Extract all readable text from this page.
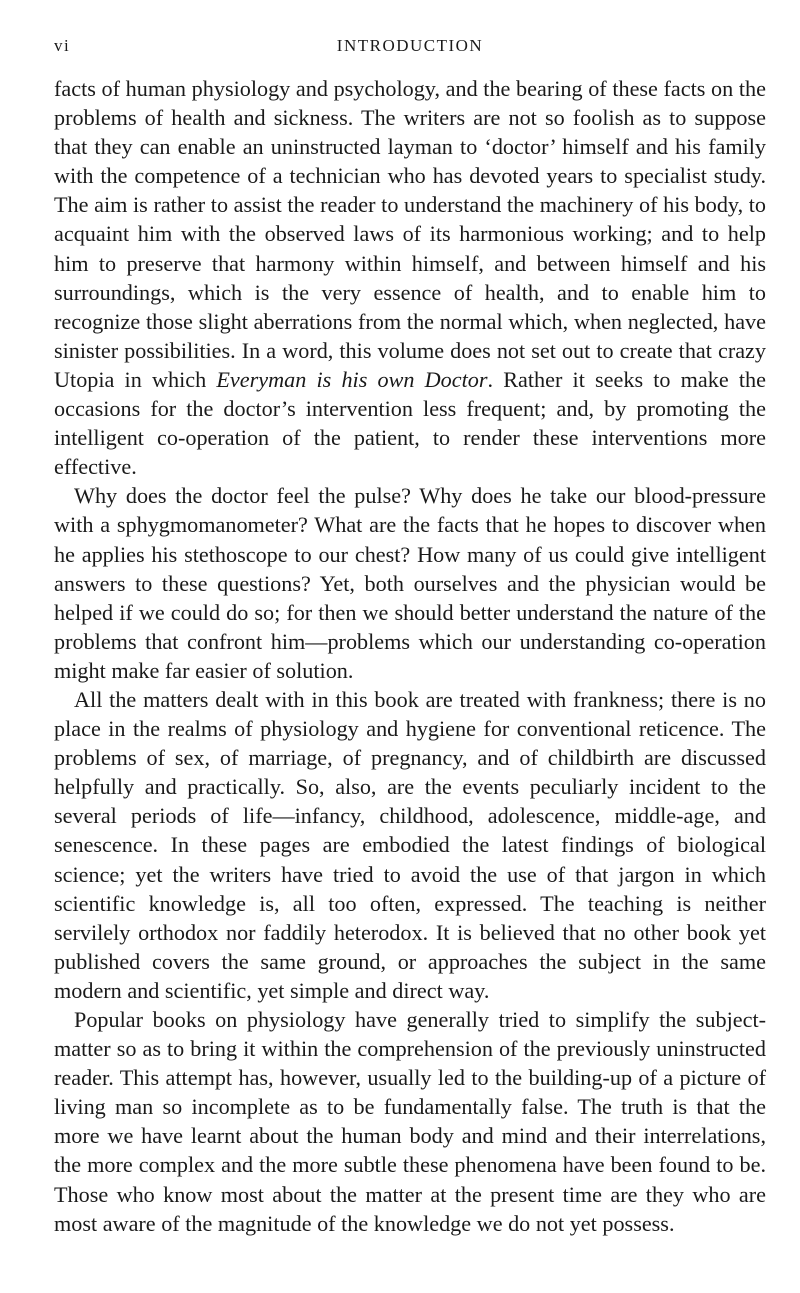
vi	INTRODUCTION

facts of human physiology and psychology, and the bearing of these facts on the problems of health and sickness. The writers are not so foolish as to suppose that they can enable an uninstructed layman to ‘doctor’ himself and his family with the competence of a technician who has devoted years to specialist study. The aim is rather to assist the reader to understand the machinery of his body, to acquaint him with the observed laws of its harmonious working; and to help him to preserve that harmony within himself, and between himself and his surroundings, which is the very essence of health, and to enable him to recognize those slight aberrations from the normal which, when neglected, have sinister possibilities. In a word, this volume does not set out to create that crazy Utopia in which Everyman is his own Doctor. Rather it seeks to make the occasions for the doctor’s intervention less frequent; and, by promoting the intelligent co-operation of the patient, to render these interventions more effective.

Why does the doctor feel the pulse? Why does he take our blood-pressure with a sphygmomanometer? What are the facts that he hopes to discover when he applies his stethoscope to our chest? How many of us could give intelligent answers to these questions? Yet, both ourselves and the physician would be helped if we could do so; for then we should better understand the nature of the problems that confront him—problems which our understanding co-operation might make far easier of solution.

All the matters dealt with in this book are treated with frankness; there is no place in the realms of physiology and hygiene for conventional reticence. The problems of sex, of marriage, of pregnancy, and of childbirth are discussed helpfully and practically. So, also, are the events peculiarly incident to the several periods of life—infancy, childhood, adolescence, middle-age, and senescence. In these pages are embodied the latest findings of biological science; yet the writers have tried to avoid the use of that jargon in which scientific knowledge is, all too often, expressed. The teaching is neither servilely orthodox nor faddily heterodox. It is believed that no other book yet published covers the same ground, or approaches the subject in the same modern and scientific, yet simple and direct way.

Popular books on physiology have generally tried to simplify the subject-matter so as to bring it within the comprehension of the previously uninstructed reader. This attempt has, however, usually led to the building-up of a picture of living man so incomplete as to be fundamentally false. The truth is that the more we have learnt about the human body and mind and their interrelations, the more complex and the more subtle these phenomena have been found to be. Those who know most about the matter at the present time are they who are most aware of the magnitude of the knowledge we do not yet possess.
